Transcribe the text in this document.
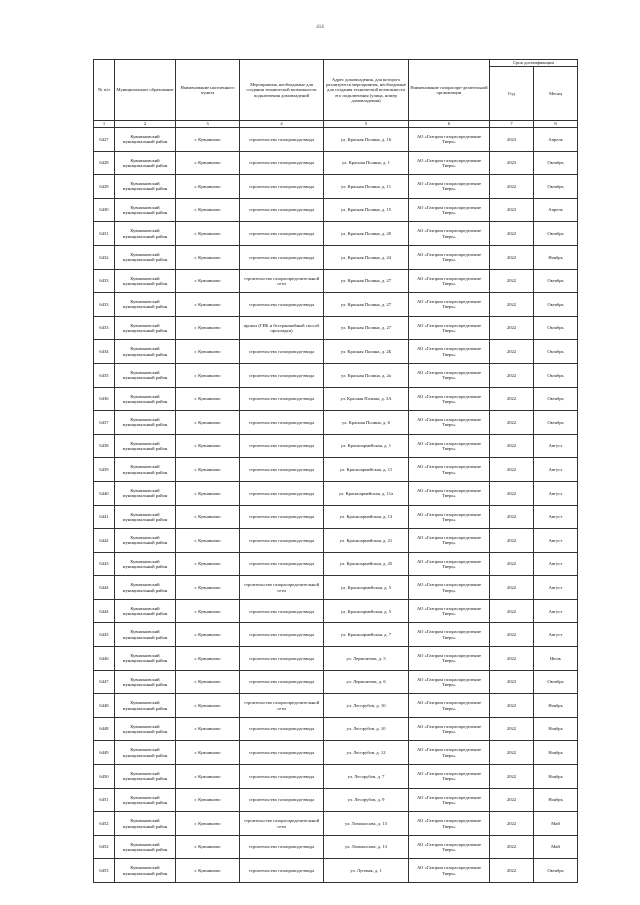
414
№ п/п	Муниципальное образование	Наименование населенного пункта	Мероприятия, необходимые для создания технической возможности подключения домовладений	Адрес домовладения, для которого реализуются мероприятия, необходимые для создания технической возможности его подключения (улица, номер домовладения)	Наименование газораспре-делительной организации	Срок догазификации	
						Год	Месяц
1	2	3	4	5	6	7	8
6427	Кувшиновский муниципальный район	г. Кувшиново	строительство газопровода-ввода	ул. Красная Полина, д. 16	АО «Газпром газораспределение Тверь»	2023	Апрель
6428	Кувшиновский муниципальный район	г. Кувшиново	строительство газопровода-ввода	ул. Красная Полина, д. 1	АО «Газпром газораспределение Тверь»	2023	Октябрь
6429	Кувшиновский муниципальный район	г. Кувшиново	строительство газопровода-ввода	ул. Красная Полина, д. 11	АО «Газпром газораспределение Тверь»	2022	Октябрь
6430	Кувшиновский муниципальный район	г. Кувшиново	строительство газопровода-ввода	ул. Красная Полина, д. 15	АО «Газпром газораспределение Тверь»	2023	Апрель
6431	Кувшиновский муниципальный район	г. Кувшиново	строительство газопровода-ввода	ул. Красная Полина, д. 20	АО «Газпром газораспределение Тверь»	2022	Октябрь
6432	Кувшиновский муниципальный район	г. Кувшиново	строительство газопровода-ввода	ул. Красная Полина, д. 24	АО «Газпром газораспределение Тверь»	2022	Ноябрь
6433	Кувшиновский муниципальный район	г. Кувшиново	строительство газораспределительной сети	ул. Красная Полина, д. 27	АО «Газпром газораспределение Тверь»	2022	Октябрь
6433	Кувшиновский муниципальный район	г. Кувшиново	строительство газопровода-ввода	ул. Красная Полина, д. 27	АО «Газпром газораспределение Тверь»	2022	Октябрь
6433	Кувшиновский муниципальный район	г. Кувшиново	прокол (ГНБ и бестраншейный способ прокладки)	ул. Красная Полина, д. 27	АО «Газпром газораспределение Тверь»	2022	Октябрь
6434	Кувшиновский муниципальный район	г. Кувшиново	строительство газопровода-ввода	ул. Красная Полина, д. 2Б	АО «Газпром газораспределение Тверь»	2022	Октябрь
6435	Кувшиновский муниципальный район	г. Кувшиново	строительство газопровода-ввода	ул. Красная Полина, д. 2а	АО «Газпром газораспределение Тверь»	2022	Октябрь
6436	Кувшиновский муниципальный район	г. Кувшиново	строительство газопровода-ввода	ул. Красная Полина, д. 3А	АО «Газпром газораспределение Тверь»	2022	Октябрь
6437	Кувшиновский муниципальный район	г. Кувшиново	строительство газопровода-ввода	ул. Красная Полина, д. 6	АО «Газпром газораспределение Тверь»	2022	Октябрь
6438	Кувшиновский муниципальный район	г. Кувшиново	строительство газопровода-ввода	ул. Красноармейская, д. 1	АО «Газпром газораспределение Тверь»	2022	Август
6439	Кувшиновский муниципальный район	г. Кувшиново	строительство газопровода-ввода	ул. Красноармейская, д. 11	АО «Газпром газораспределение Тверь»	2022	Август
6440	Кувшиновский муниципальный район	г. Кувшиново	строительство газопровода-ввода	ул. Красноармейская, д. 11а	АО «Газпром газораспределение Тверь»	2022	Август
6441	Кувшиновский муниципальный район	г. Кувшиново	строительство газопровода-ввода	ул. Красноармейская, д. 13	АО «Газпром газораспределение Тверь»	2022	Август
6442	Кувшиновский муниципальный район	г. Кувшиново	строительство газопровода-ввода	ул. Красноармейская, д. 21	АО «Газпром газораспределение Тверь»	2022	Август
6443	Кувшиновский муниципальный район	г. Кувшиново	строительство газопровода-ввода	ул. Красноармейская, д. 25	АО «Газпром газораспределение Тверь»	2022	Август
6444	Кувшиновский муниципальный район	г. Кувшиново	строительство газораспределительной сети	ул. Красноармейская, д. 5	АО «Газпром газораспределение Тверь»	2022	Август
6444	Кувшиновский муниципальный район	г. Кувшиново	строительство газопровода-ввода	ул. Красноармейская, д. 5	АО «Газпром газораспределение Тверь»	2022	Август
6445	Кувшиновский муниципальный район	г. Кувшиново	строительство газопровода-ввода	ул. Красноармейская, д. 7	АО «Газпром газораспределение Тверь»	2022	Август
6446	Кувшиновский муниципальный район	г. Кувшиново	строительство газопровода-ввода	ул. Лермонтова, д. 5	АО «Газпром газораспределение Тверь»	2022	Июль
6447	Кувшиновский муниципальный район	г. Кувшиново	строительство газопровода-ввода	ул. Лермонтова, д. 6	АО «Газпром газораспределение Тверь»	2023	Октябрь
6448	Кувшиновский муниципальный район	г. Кувшиново	строительство газораспределительной сети	ул. Лесорубов, д. 10	АО «Газпром газораспределение Тверь»	2022	Ноябрь
6448	Кувшиновский муниципальный район	г. Кувшиново	строительство газопровода-ввода	ул. Лесорубов, д. 10	АО «Газпром газораспределение Тверь»	2022	Ноябрь
6449	Кувшиновский муниципальный район	г. Кувшиново	строительство газопровода-ввода	ул. Лесорубов, д. 12	АО «Газпром газораспределение Тверь»	2022	Ноябрь
6450	Кувшиновский муниципальный район	г. Кувшиново	строительство газопровода-ввода	ул. Лесорубов, д. 7	АО «Газпром газораспределение Тверь»	2022	Ноябрь
6451	Кувшиновский муниципальный район	г. Кувшиново	строительство газопровода-ввода	ул. Лесорубов, д. 9	АО «Газпром газораспределение Тверь»	2022	Ноябрь
6452	Кувшиновский муниципальный район	г. Кувшиново	строительство газораспределительной сети	ул. Ломоносова, д. 13	АО «Газпром газораспределение Тверь»	2022	Май
6452	Кувшиновский муниципальный район	г. Кувшиново	строительство газопровода-ввода	ул. Ломоносова, д. 13	АО «Газпром газораспределение Тверь»	2022	Май
6453	Кувшиновский муниципальный район	г. Кувшиново	строительство газопровода-ввода	ул. Луговая, д. 1	АО «Газпром газораспределение Тверь»	2022	Октябрь
